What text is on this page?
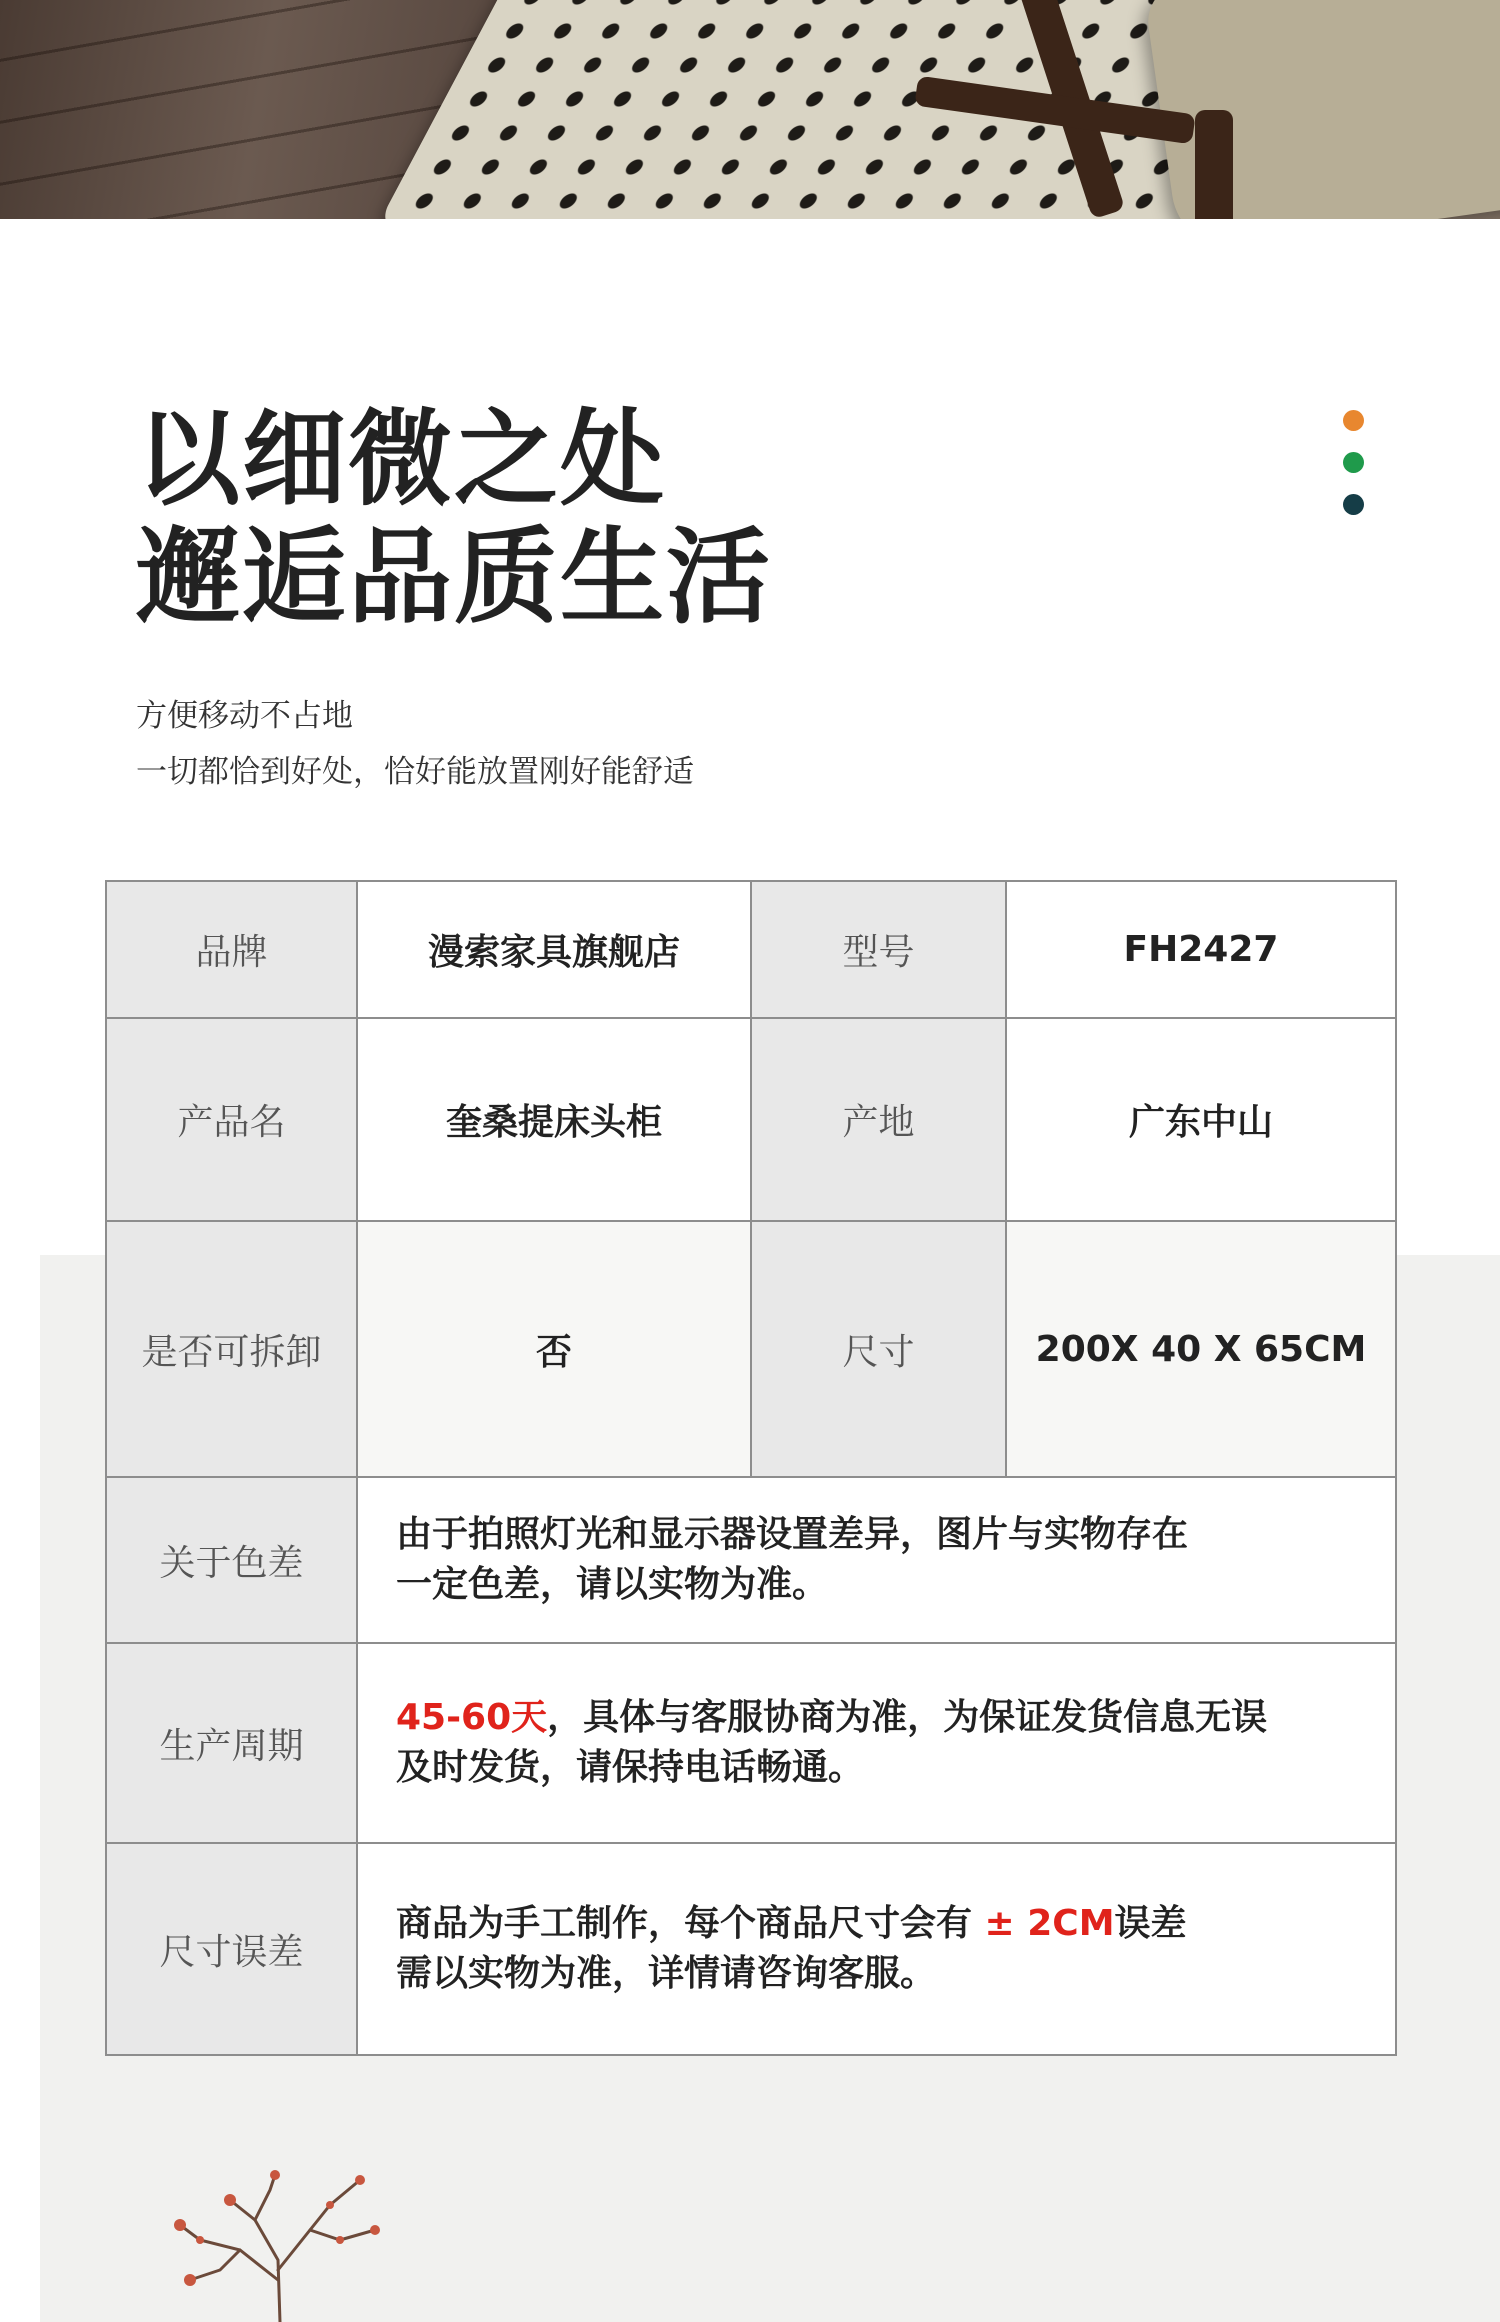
以细微之处
邂逅品质生活
方便移动不占地
一切都恰到好处，恰好能放置刚好能舒适
品牌	漫索家具旗舰店	型号	FH2427
产品名	奎桑提床头柜	产地	广东中山
是否可拆卸	否	尺寸	200X 40 X 65CM
关于色差	由于拍照灯光和显示器设置差异，图片与实物存在
一定色差，请以实物为准。		

生产周期	45-60天，具体与客服协商为准，为保证发货信息无误
及时发货，请保持电话畅通。		

尺寸误差	商品为手工制作，每个商品尺寸会有 ± 2CM误差
需以实物为准，详情请咨询客服。		
